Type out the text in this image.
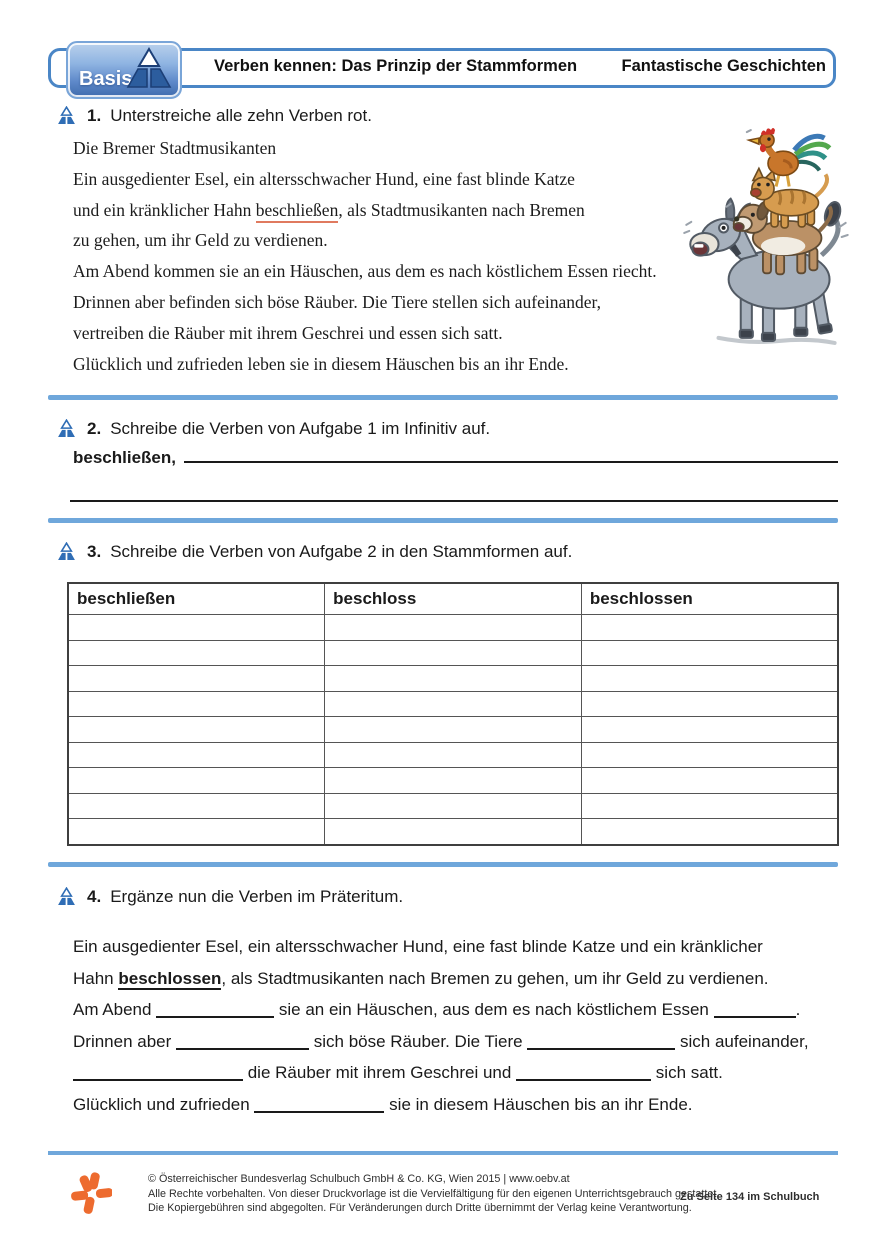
Basis
Verben kennen: Das Prinzip der Stammformen	Fantastische Geschichten
1. Unterstreiche alle zehn Verben rot.
Die Bremer Stadtmusikanten
Ein ausgedienter Esel, ein altersschwacher Hund, eine fast blinde Katze
und ein kränklicher Hahn beschließen, als Stadtmusikanten nach Bremen
zu gehen, um ihr Geld zu verdienen.
Am Abend kommen sie an ein Häuschen, aus dem es nach köstlichem Essen riecht.
Drinnen aber befinden sich böse Räuber. Die Tiere stellen sich aufeinander,
vertreiben die Räuber mit ihrem Geschrei und essen sich satt.
Glücklich und zufrieden leben sie in diesem Häuschen bis an ihr Ende.
2. Schreibe die Verben von Aufgabe 1 im Infinitiv auf.
beschließen,
3. Schreibe die Verben von Aufgabe 2 in den Stammformen auf.
beschließen	beschloss	beschlossen

4. Ergänze nun die Verben im Präteritum.
Ein ausgedienter Esel, ein altersschwacher Hund, eine fast blinde Katze und ein kränklicher
Hahn beschlossen, als Stadtmusikanten nach Bremen zu gehen, um ihr Geld zu verdienen.
Am Abend	sie an ein Häuschen, aus dem es nach köstlichem Essen	.
Drinnen aber	sich böse Räuber. Die Tiere	sich aufeinander,
die Räuber mit ihrem Geschrei und	sich satt.
Glücklich und zufrieden	sie in diesem Häuschen bis an ihr Ende.
© Österreichischer Bundesverlag Schulbuch GmbH & Co. KG, Wien 2015 | www.oebv.at
Alle Rechte vorbehalten. Von dieser Druckvorlage ist die Vervielfältigung für den eigenen Unterrichtsgebrauch gestattet.
Die Kopiergebühren sind abgegolten. Für Veränderungen durch Dritte übernimmt der Verlag keine Verantwortung.
Zu Seite 134 im Schulbuch
